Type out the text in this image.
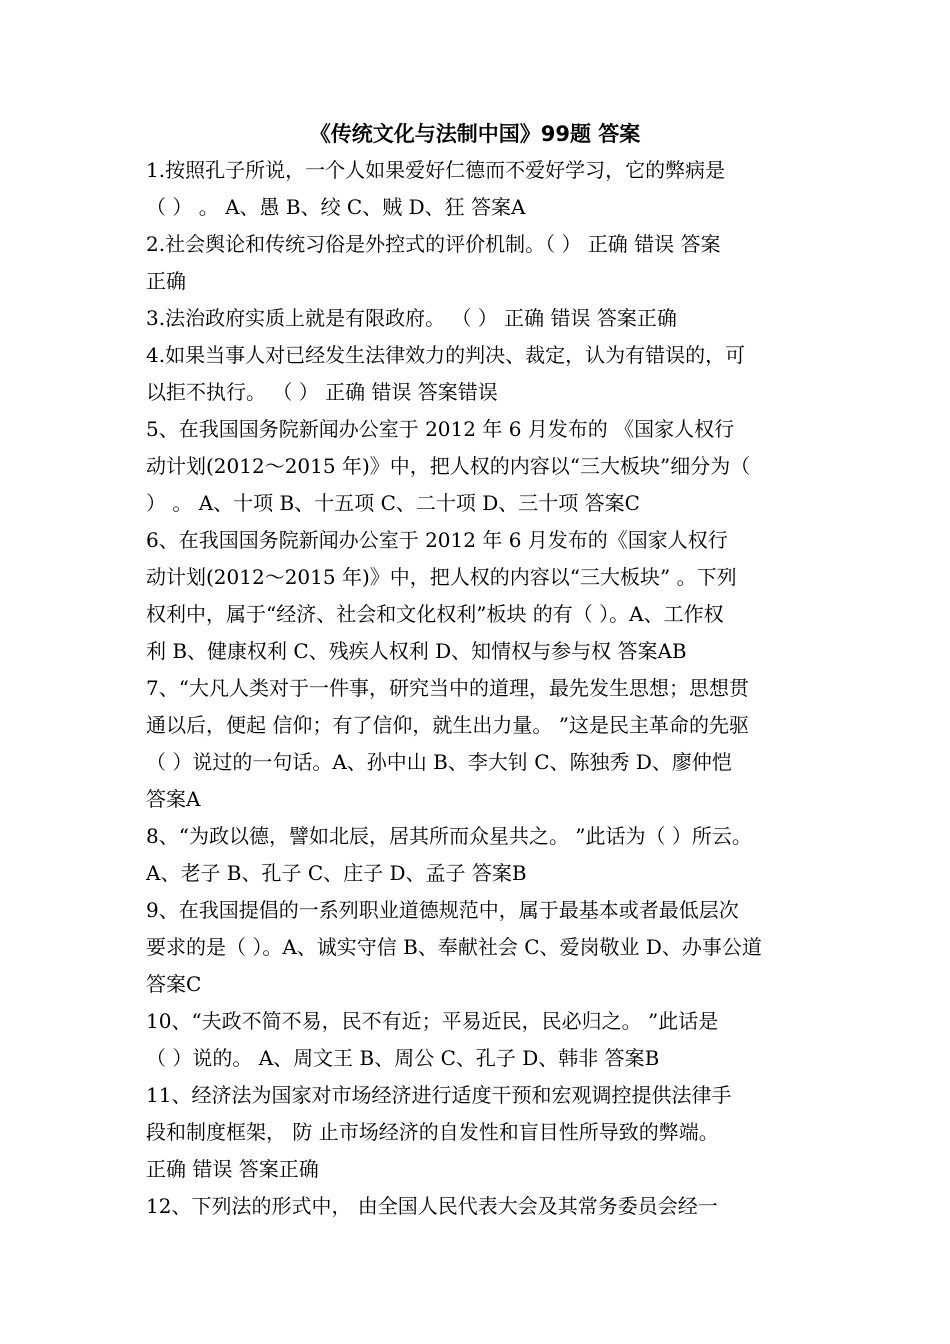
《传统文化与法制中国》99题 答案
1.按照孔子所说，一个人如果爱好仁德而不爱好学习，它的弊病是
（ ） 。 A、愚 B、绞 C、贼 D、狂 答案A
2.社会舆论和传统习俗是外控式的评价机制。（ ） 正确 错误 答案
正确
3.法治政府实质上就是有限政府。 （ ） 正确 错误 答案正确
4.如果当事人对已经发生法律效力的判决、裁定，认为有错误的，可
以拒不执行。 （ ） 正确 错误 答案错误
5、在我国国务院新闻办公室于 2012 年 6 月发布的 《国家人权行
动计划(2012～2015 年)》中，把人权的内容以“三大板块”细分为（
） 。 A、十项 B、十五项 C、二十项 D、三十项 答案C
6、在我国国务院新闻办公室于 2012 年 6 月发布的《国家人权行
动计划(2012～2015 年)》中，把人权的内容以“三大板块” 。下列
权利中，属于“经济、社会和文化权利”板块 的有（ ）。A、工作权
利 B、健康权利 C、残疾人权利 D、知情权与参与权 答案AB
7、“大凡人类对于一件事，研究当中的道理，最先发生思想；思想贯
通以后，便起 信仰；有了信仰，就生出力量。 ”这是民主革命的先驱
（ ）说过的一句话。A、孙中山 B、李大钊 C、陈独秀 D、廖仲恺
答案A
8、“为政以德，譬如北辰，居其所而众星共之。 ”此话为（ ）所云。
A、老子 B、孔子 C、庄子 D、孟子 答案B
9、在我国提倡的一系列职业道德规范中，属于最基本或者最低层次
要求的是（ ）。A、诚实守信 B、奉献社会 C、爱岗敬业 D、办事公道
答案C
10、“夫政不简不易，民不有近；平易近民，民必归之。 ”此话是
（ ）说的。 A、周文王 B、周公 C、孔子 D、韩非 答案B
11、经济法为国家对市场经济进行适度干预和宏观调控提供法律手
段和制度框架， 防 止市场经济的自发性和盲目性所导致的弊端。
正确 错误 答案正确
12、下列法的形式中， 由全国人民代表大会及其常务委员会经一
